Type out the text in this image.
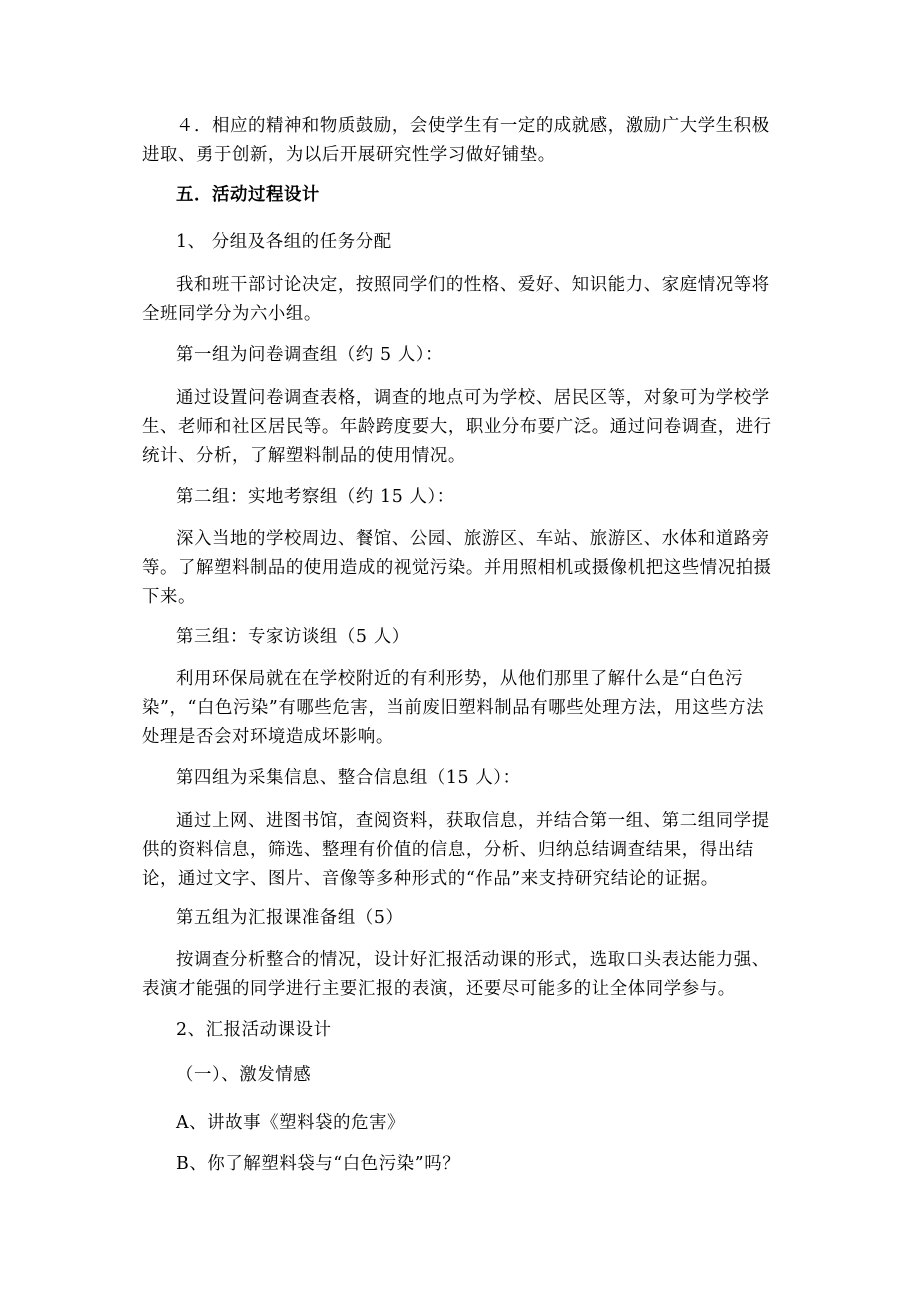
４．相应的精神和物质鼓励，会使学生有一定的成就感，激励广大学生积极进取、勇于创新，为以后开展研究性学习做好铺垫。

五．活动过程设计

1、 分组及各组的任务分配

我和班干部讨论决定，按照同学们的性格、爱好、知识能力、家庭情况等将全班同学分为六小组。

第一组为问卷调查组（约 5 人）：

通过设置问卷调查表格，调查的地点可为学校、居民区等，对象可为学校学生、老师和社区居民等。年龄跨度要大，职业分布要广泛。通过问卷调查，进行统计、分析，了解塑料制品的使用情况。

第二组：实地考察组（约 15 人）：

深入当地的学校周边、餐馆、公园、旅游区、车站、旅游区、水体和道路旁等。了解塑料制品的使用造成的视觉污染。并用照相机或摄像机把这些情况拍摄下来。

第三组：专家访谈组（5 人）

利用环保局就在在学校附近的有利形势，从他们那里了解什么是“白色污染”，“白色污染”有哪些危害，当前废旧塑料制品有哪些处理方法，用这些方法处理是否会对环境造成坏影响。

第四组为采集信息、整合信息组（15 人）：

通过上网、进图书馆，查阅资料，获取信息，并结合第一组、第二组同学提供的资料信息，筛选、整理有价值的信息，分析、归纳总结调查结果，得出结论，通过文字、图片、音像等多种形式的“作品”来支持研究结论的证据。

第五组为汇报课准备组（5）

按调查分析整合的情况，设计好汇报活动课的形式，选取口头表达能力强、表演才能强的同学进行主要汇报的表演，还要尽可能多的让全体同学参与。

2、汇报活动课设计

（一）、激发情感

A、讲故事《塑料袋的危害》

B、你了解塑料袋与“白色污染”吗？
